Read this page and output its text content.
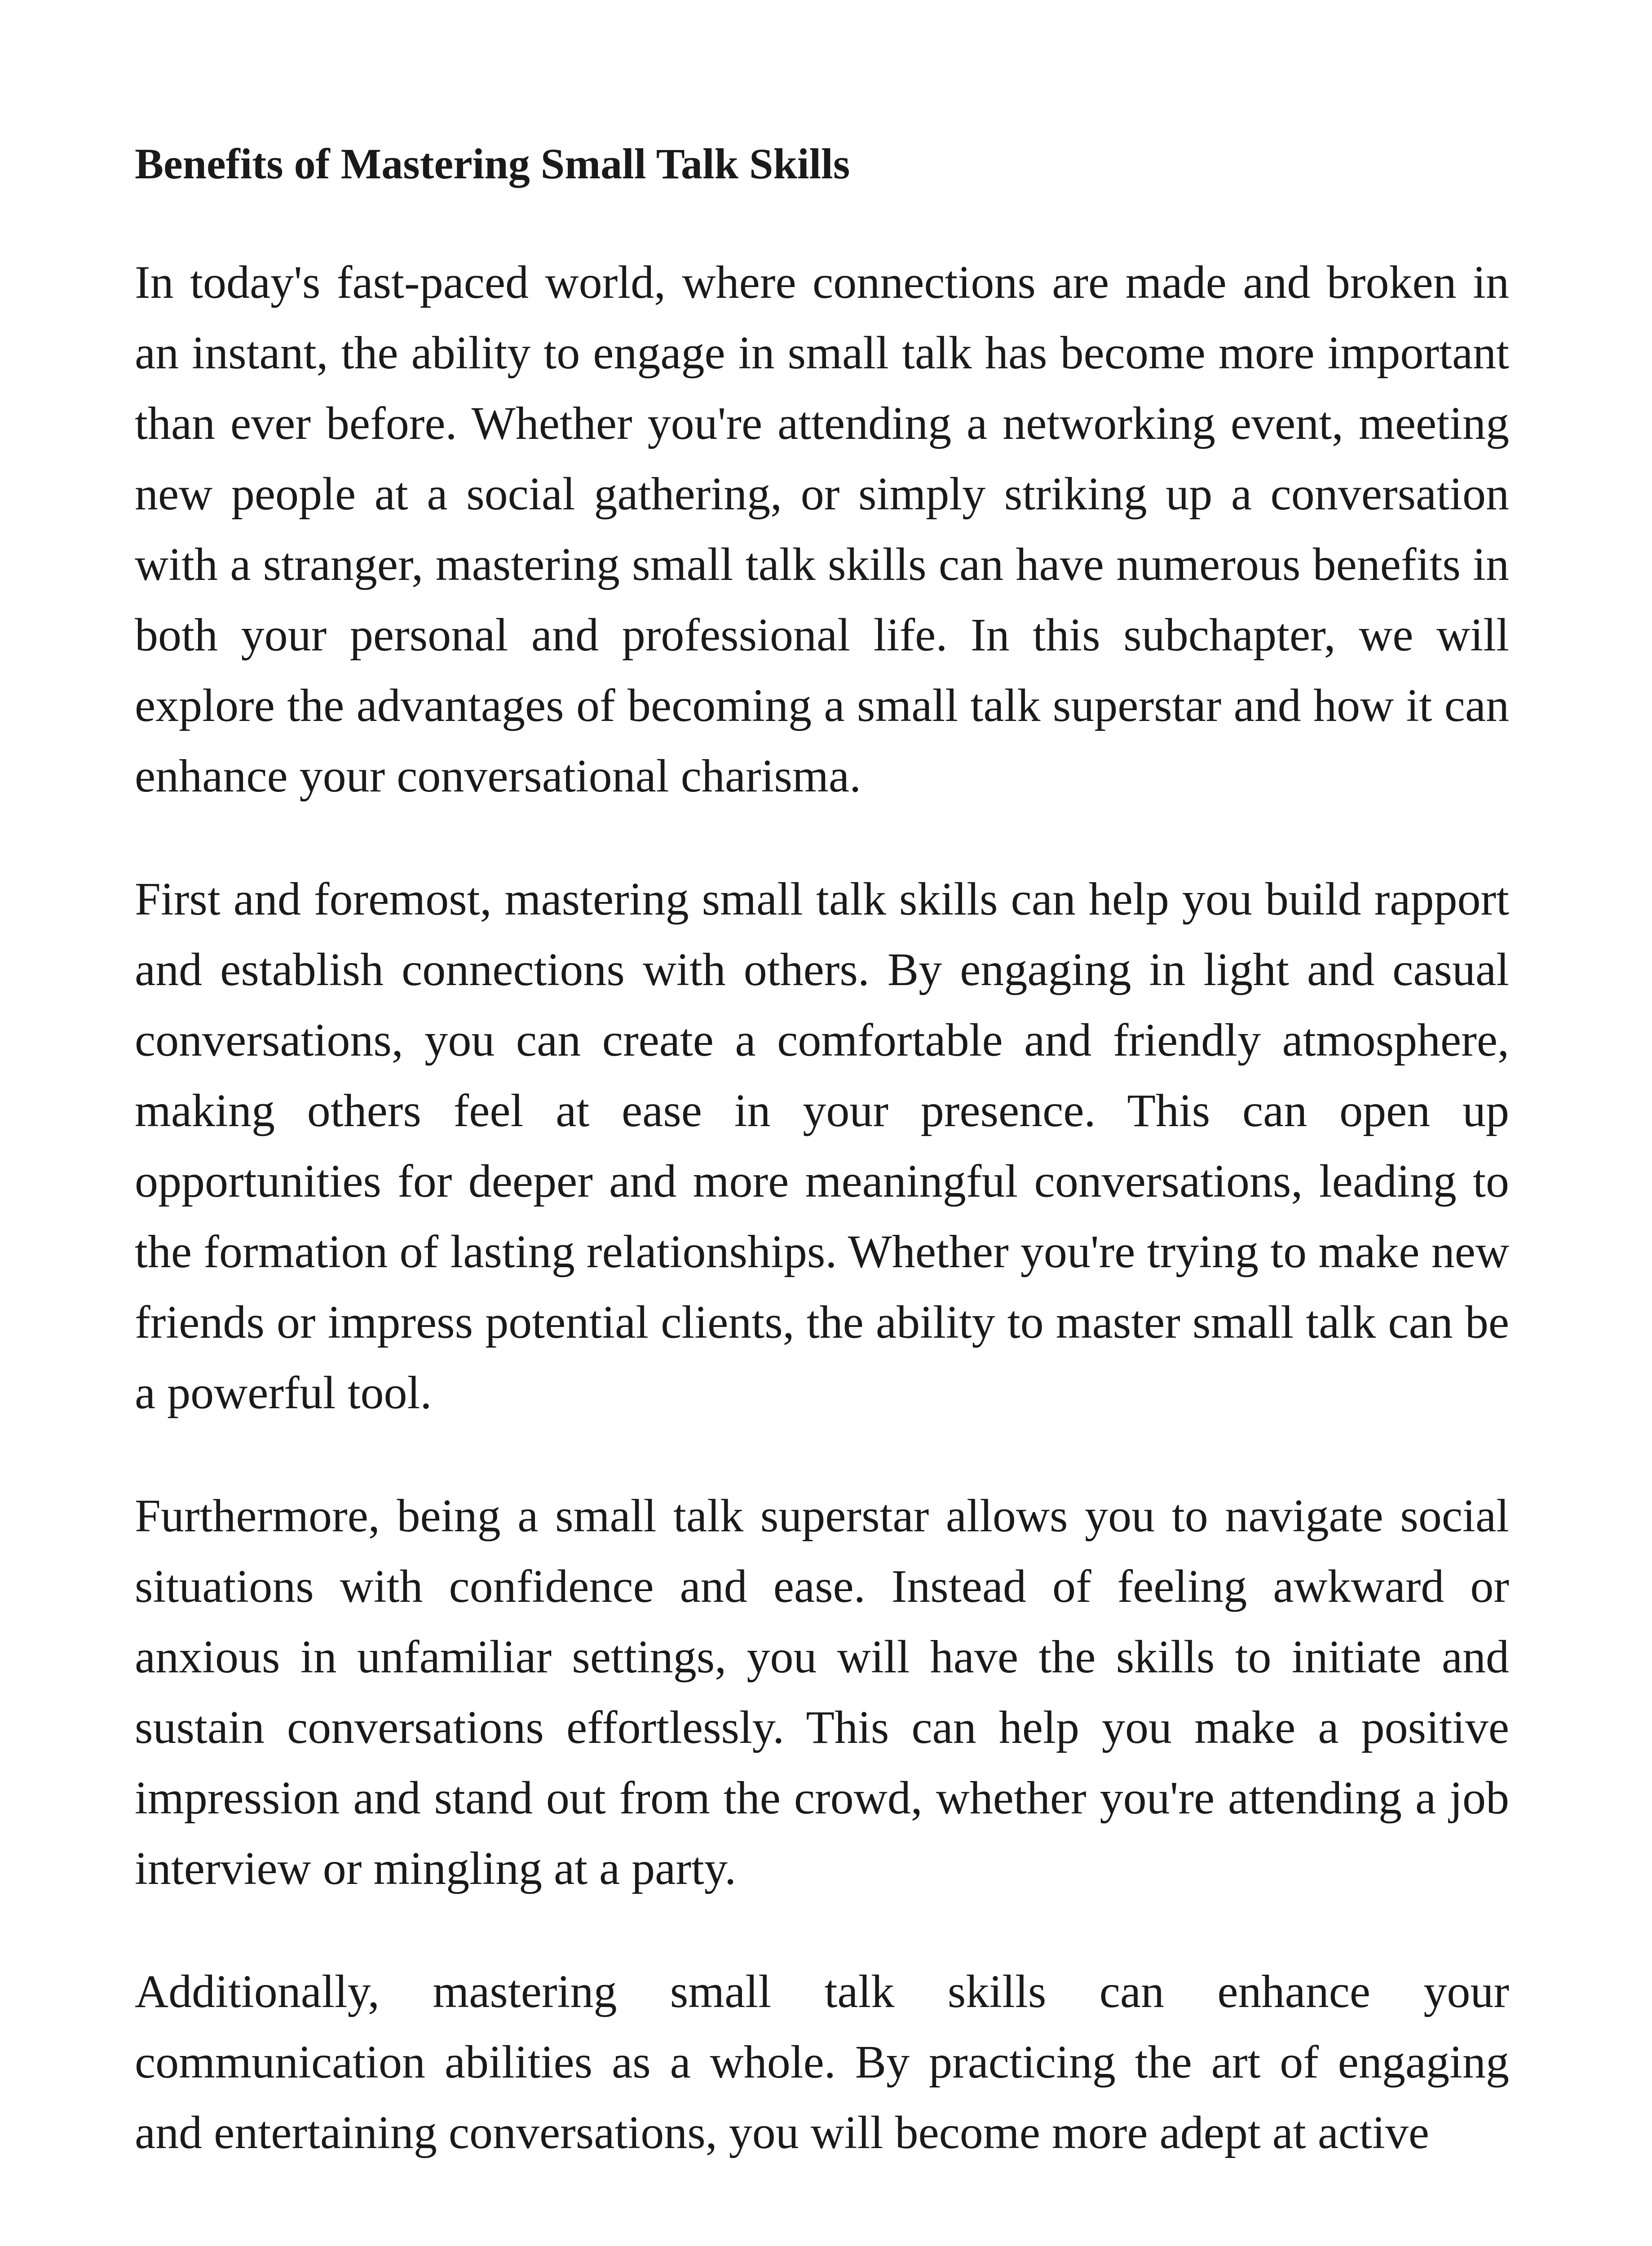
Benefits of Mastering Small Talk Skills

In today's fast-paced world, where connections are made and broken in an instant, the ability to engage in small talk has become more important than ever before. Whether you're attending a networking event, meeting new people at a social gathering, or simply striking up a conversation with a stranger, mastering small talk skills can have numerous benefits in both your personal and professional life. In this subchapter, we will explore the advantages of becoming a small talk superstar and how it can enhance your conversational charisma.

First and foremost, mastering small talk skills can help you build rapport and establish connections with others. By engaging in light and casual conversations, you can create a comfortable and friendly atmosphere, making others feel at ease in your presence. This can open up opportunities for deeper and more meaningful conversations, leading to the formation of lasting relationships. Whether you're trying to make new friends or impress potential clients, the ability to master small talk can be a powerful tool.

Furthermore, being a small talk superstar allows you to navigate social situations with confidence and ease. Instead of feeling awkward or anxious in unfamiliar settings, you will have the skills to initiate and sustain conversations effortlessly. This can help you make a positive impression and stand out from the crowd, whether you're attending a job interview or mingling at a party.

Additionally, mastering small talk skills can enhance your communication abilities as a whole. By practicing the art of engaging and entertaining conversations, you will become more adept at active
